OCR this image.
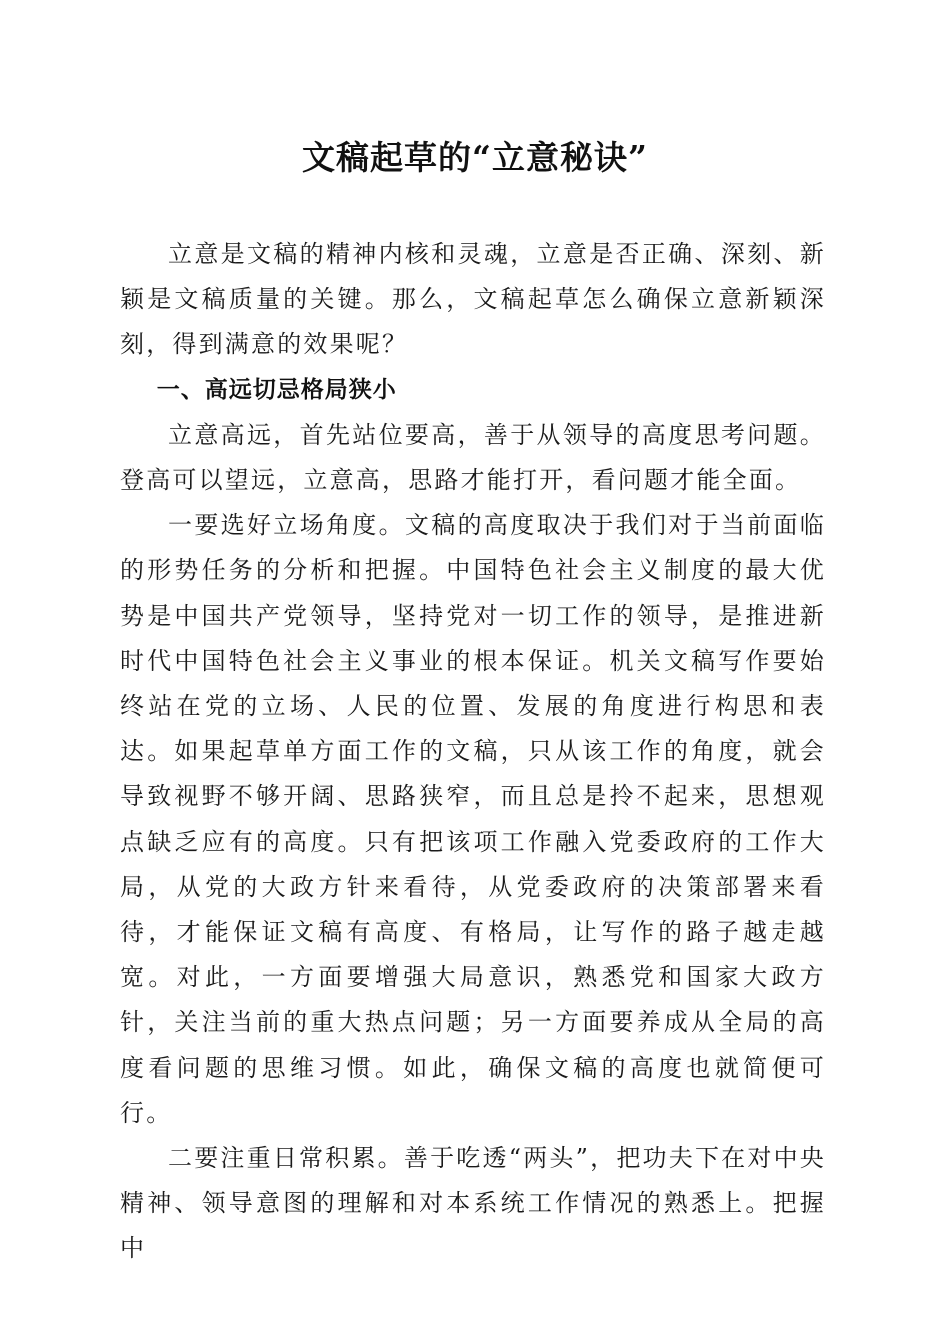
文稿起草的“立意秘诀”

立意是文稿的精神内核和灵魂，立意是否正确、深刻、新颖是文稿质量的关键。那么，文稿起草怎么确保立意新颖深刻，得到满意的效果呢？

一、高远切忌格局狭小

立意高远，首先站位要高，善于从领导的高度思考问题。登高可以望远，立意高，思路才能打开，看问题才能全面。

一要选好立场角度。文稿的高度取决于我们对于当前面临的形势任务的分析和把握。中国特色社会主义制度的最大优势是中国共产党领导，坚持党对一切工作的领导，是推进新时代中国特色社会主义事业的根本保证。机关文稿写作要始终站在党的立场、人民的位置、发展的角度进行构思和表达。如果起草单方面工作的文稿，只从该工作的角度，就会导致视野不够开阔、思路狭窄，而且总是拎不起来，思想观点缺乏应有的高度。只有把该项工作融入党委政府的工作大局，从党的大政方针来看待，从党委政府的决策部署来看待，才能保证文稿有高度、有格局，让写作的路子越走越宽。对此，一方面要增强大局意识，熟悉党和国家大政方针，关注当前的重大热点问题；另一方面要养成从全局的高度看问题的思维习惯。如此，确保文稿的高度也就简便可行。

二要注重日常积累。善于吃透“两头”，把功夫下在对中央精神、领导意图的理解和对本系统工作情况的熟悉上。把握中
